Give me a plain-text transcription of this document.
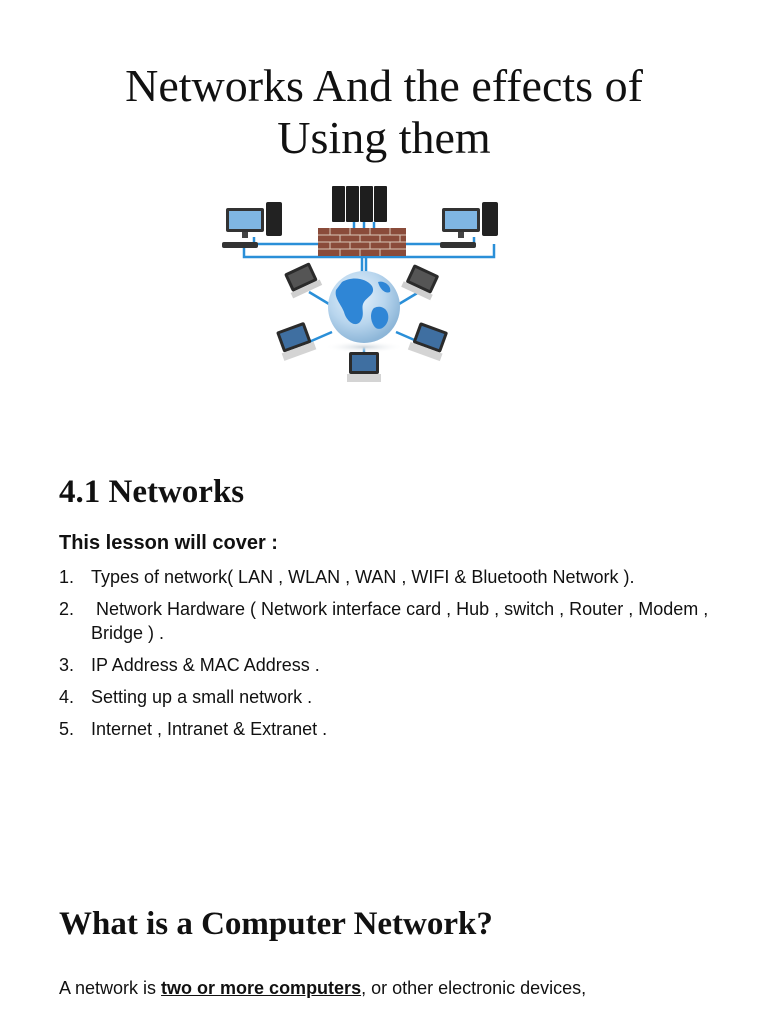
Networks And the effects of
Using them
4.1 Networks
This lesson will cover :
1. Types of network( LAN , WLAN , WAN , WIFI & Bluetooth Network ).
2. Network Hardware ( Network interface card , Hub , switch , Router , Modem , Bridge ) .
3. IP Address & MAC Address .
4. Setting up a small network .
5. Internet , Intranet & Extranet .
What is a Computer Network?
A network is two or more computers, or other electronic devices,
